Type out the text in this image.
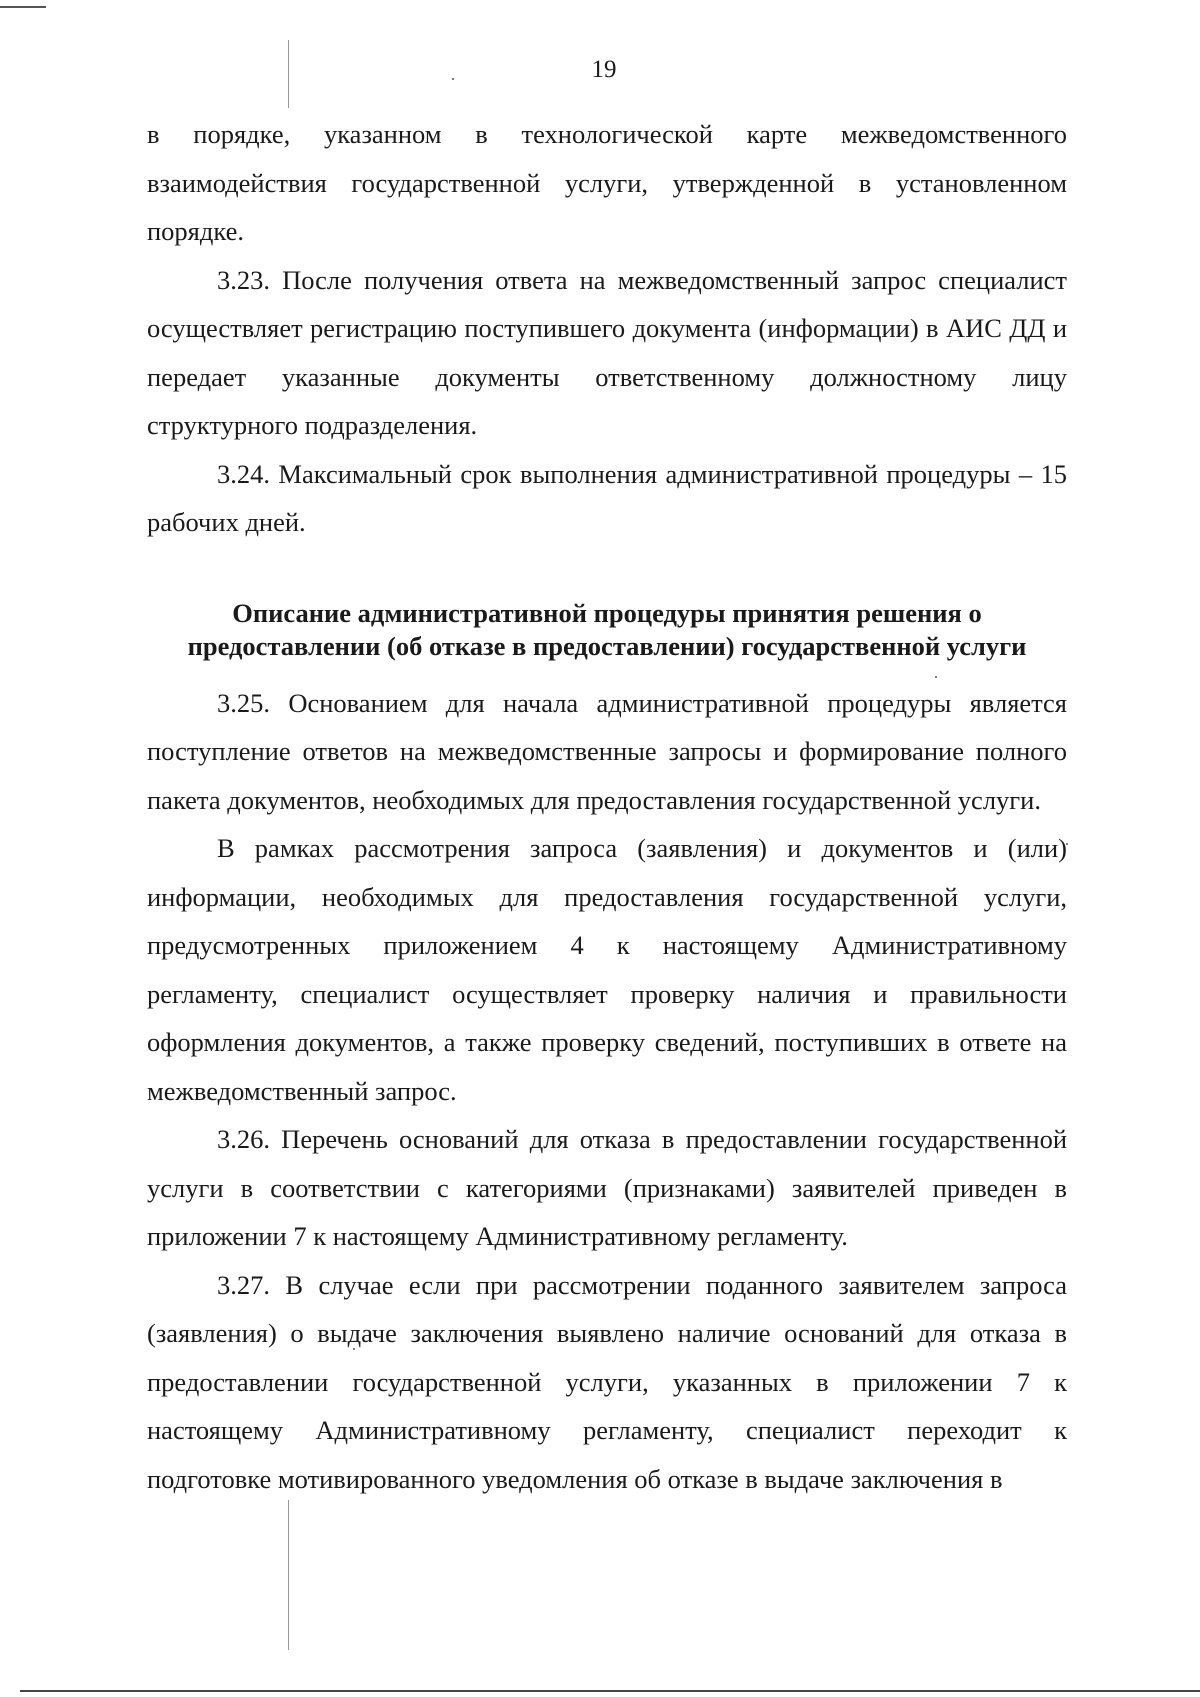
19

в порядке, указанном в технологической карте межведомственного взаимодействия государственной услуги, утвержденной в установленном порядке.

3.23. После получения ответа на межведомственный запрос специалист осуществляет регистрацию поступившего документа (информации) в АИС ДД и передает указанные документы ответственному должностному лицу структурного подразделения.

3.24. Максимальный срок выполнения административной процедуры – 15 рабочих дней.

Описание административной процедуры принятия решения о предоставлении (об отказе в предоставлении) государственной услуги

3.25. Основанием для начала административной процедуры является поступление ответов на межведомственные запросы и формирование полного пакета документов, необходимых для предоставления государственной услуги.

В рамках рассмотрения запроса (заявления) и документов и (или) информации, необходимых для предоставления государственной услуги, предусмотренных приложением 4 к настоящему Административному регламенту, специалист осуществляет проверку наличия и правильности оформления документов, а также проверку сведений, поступивших в ответе на межведомственный запрос.

3.26. Перечень оснований для отказа в предоставлении государственной услуги в соответствии с категориями (признаками) заявителей приведен в приложении 7 к настоящему Административному регламенту.

3.27. В случае если при рассмотрении поданного заявителем запроса (заявления) о выдаче заключения выявлено наличие оснований для отказа в предоставлении государственной услуги, указанных в приложении 7 к настоящему Административному регламенту, специалист переходит к подготовке мотивированного уведомления об отказе в выдаче заключения в
